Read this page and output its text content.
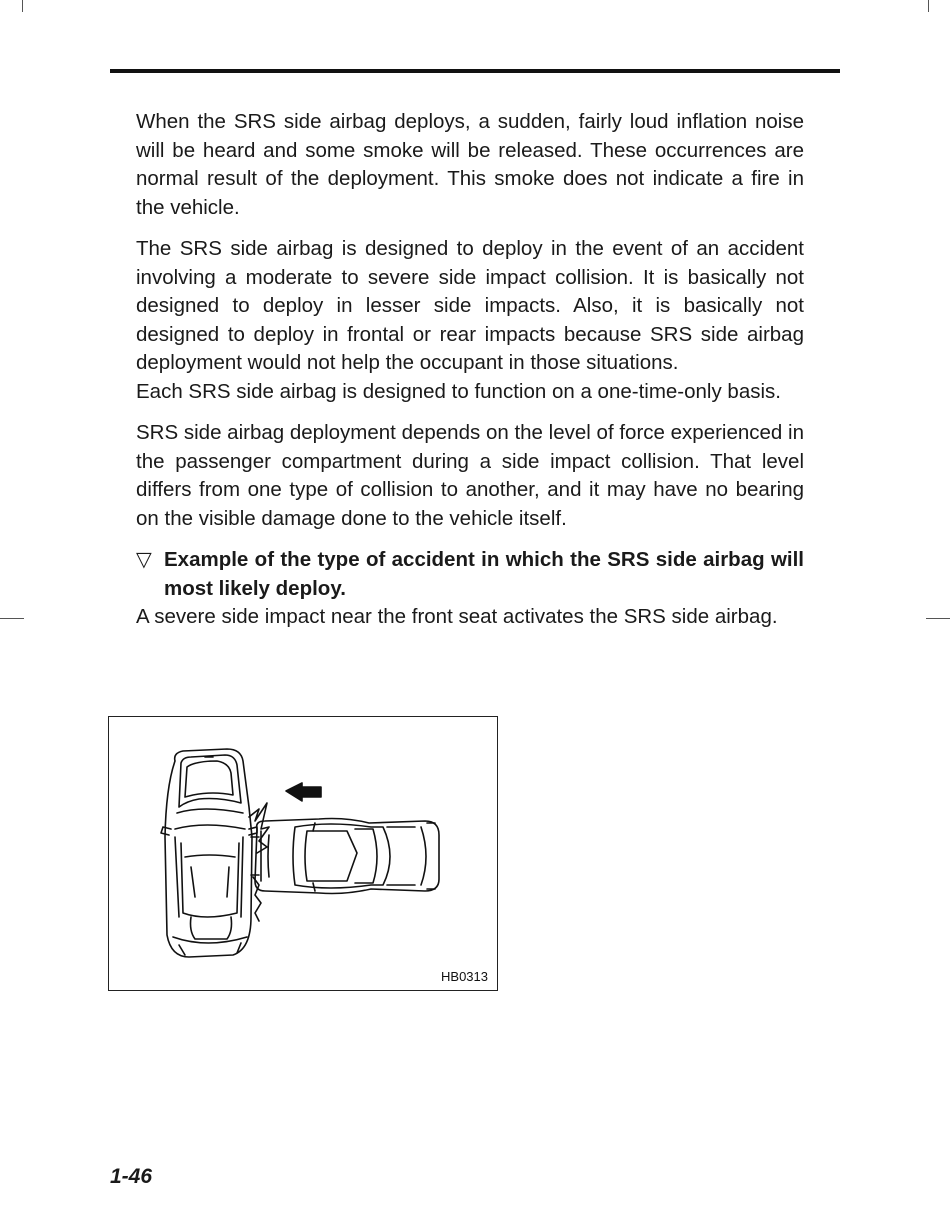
When the SRS side airbag deploys, a sudden, fairly loud inflation noise will be heard and some smoke will be released. These occurrences are normal result of the deployment. This smoke does not indicate a fire in the vehicle.

The SRS side airbag is designed to deploy in the event of an accident involving a moderate to severe side impact collision. It is basically not designed to deploy in lesser side impacts. Also, it is basically not designed to deploy in frontal or rear impacts because SRS side airbag deployment would not help the occupant in those situations.

Each SRS side airbag is designed to function on a one-time-only basis.

SRS side airbag deployment depends on the level of force experienced in the passenger compartment during a side impact collision. That level differs from one type of collision to another, and it may have no bearing on the visible damage done to the vehicle itself.

▽ Example of the type of accident in which the SRS side airbag will most likely deploy.

A severe side impact near the front seat activates the SRS side airbag.

HB0313
1-46
